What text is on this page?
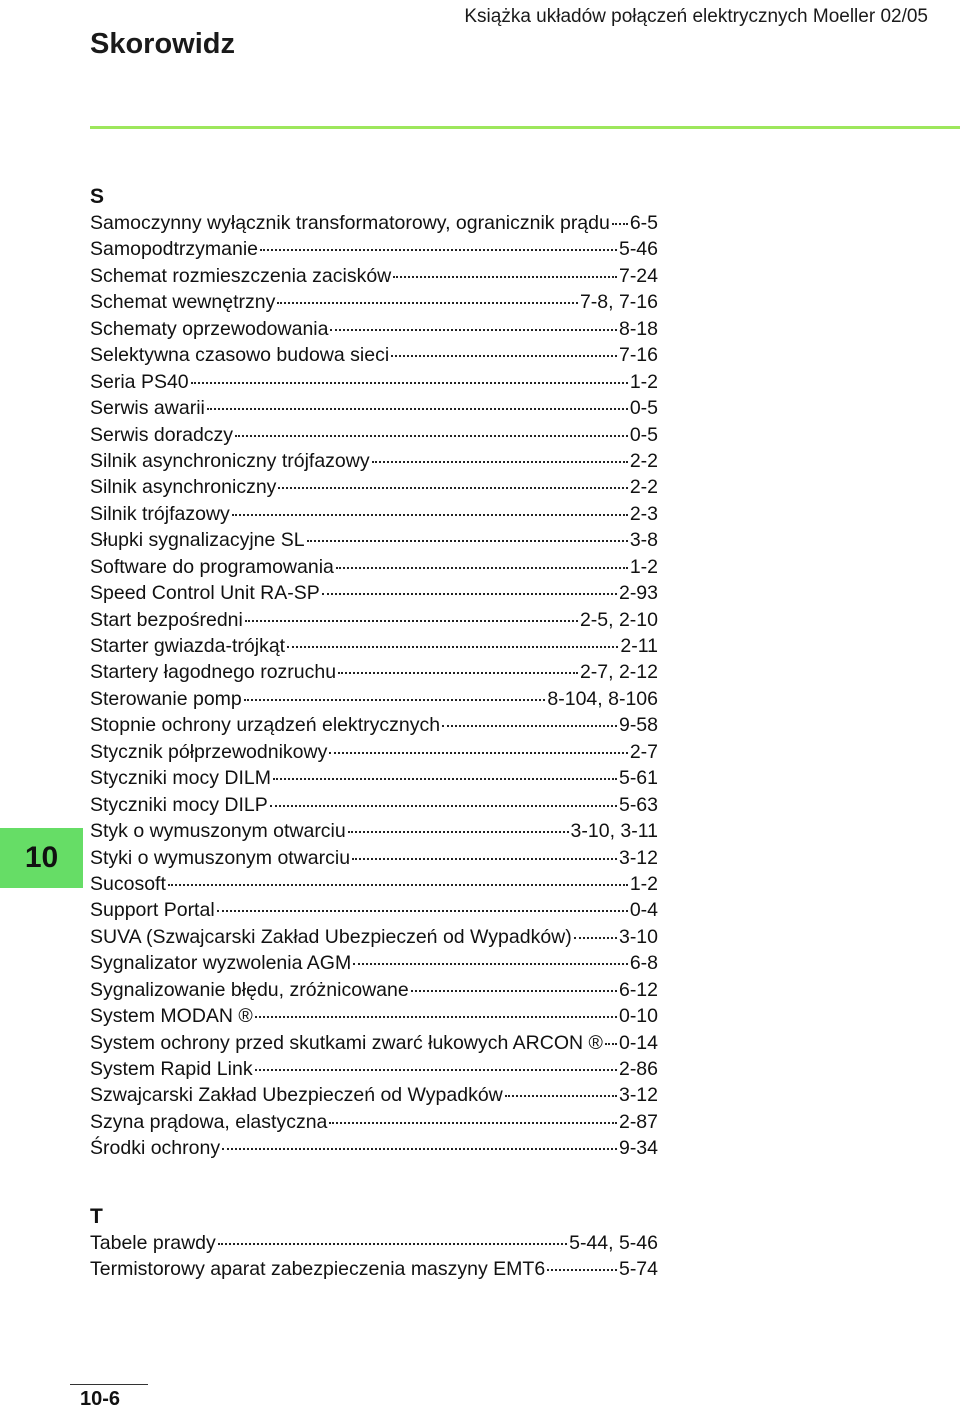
Skorowidz
Książka układów połączeń elektrycznych Moeller 02/05
10
S
Samoczynny wyłącznik transformatorowy, ogranicznik prądu 6-5
Samopodtrzymanie	5-46
Schemat rozmieszczenia zacisków	7-24
Schemat wewnętrzny	7-8, 7-16
Schematy oprzewodowania	8-18
Selektywna czasowo budowa sieci	7-16
Seria PS40	1-2
Serwis awarii	0-5
Serwis doradczy	0-5
Silnik asynchroniczny trójfazowy	2-2
Silnik asynchroniczny	2-2
Silnik trójfazowy	2-3
Słupki sygnalizacyjne SL	3-8
Software do programowania	1-2
Speed Control Unit RA-SP	2-93
Start bezpośredni	2-5, 2-10
Starter gwiazda-trójkąt	2-11
Startery łagodnego rozruchu	2-7, 2-12
Sterowanie pomp	8-104, 8-106
Stopnie ochrony urządzeń elektrycznych	9-58
Stycznik półprzewodnikowy	2-7
Styczniki mocy DILM	5-61
Styczniki mocy DILP	5-63
Styk o wymuszonym otwarciu	3-10, 3-11
Styki o wymuszonym otwarciu	3-12
Sucosoft	1-2
Support Portal	0-4
SUVA (Szwajcarski Zakład Ubezpieczeń od Wypadków) 3-10
Sygnalizator wyzwolenia AGM	6-8
Sygnalizowanie błędu, zróżnicowane	6-12
System MODAN ®	0-10
System ochrony przed skutkami zwarć łukowych ARCON ® 0-14
System Rapid Link	2-86
Szwajcarski Zakład Ubezpieczeń od Wypadków	3-12
Szyna prądowa, elastyczna	2-87
Środki ochrony	9-34
T
Tabele prawdy	5-44, 5-46
Termistorowy aparat zabezpieczenia maszyny EMT6	5-74
10-6
